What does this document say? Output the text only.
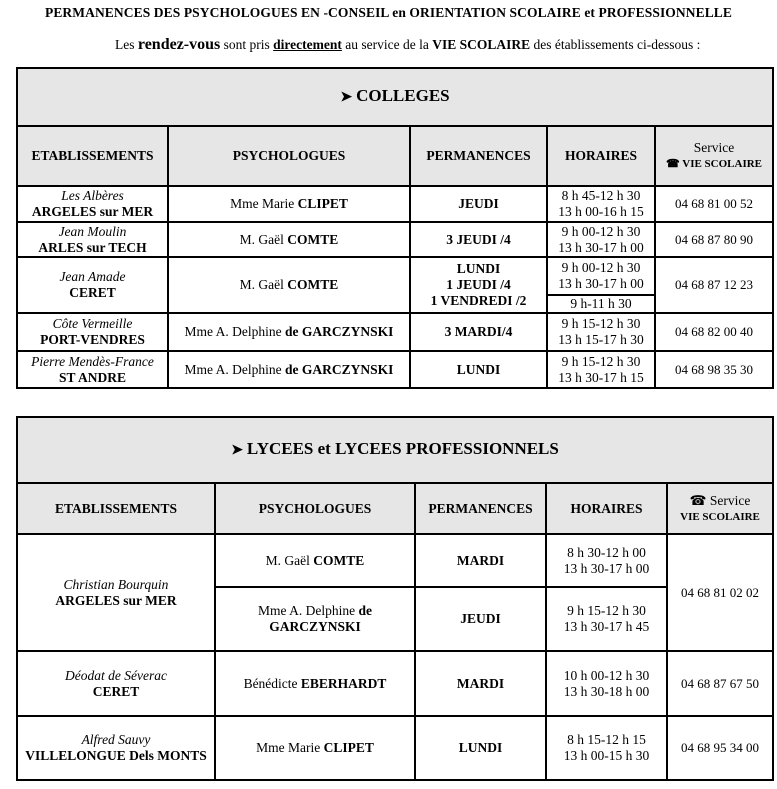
PERMANENCES DES PSYCHOLOGUES EN -CONSEIL en ORIENTATION SCOLAIRE et PROFESSIONNELLE
Les rendez-vous sont pris directement au service de la VIE SCOLAIRE des établissements ci-dessous :
➤ COLLEGES				
ETABLISSEMENTS	PSYCHOLOGUES	PERMANENCES	HORAIRES	Service
☎ VIE SCOLAIRE

Les Albères
ARGELES sur MER	Mme Marie CLIPET	JEUDI	8 h 45-12 h 30
13 h 00-16 h 15	04 68 81 00 52

Jean Moulin
ARLES sur TECH	M. Gaël COMTE	3 JEUDI /4	9 h 00-12 h 30
13 h 30-17 h 00	04 68 87 80 90

Jean Amade
CERET	M. Gaël COMTE	LUNDI
1 JEUDI /4
1 VENDREDI /2	9 h 00-12 h 30
13 h 30-17 h 00	04 68 87 12 23
			9 h-11 h 30	

Côte Vermeille
PORT-VENDRES	Mme A. Delphine de GARCZYNSKI	3 MARDI/4	9 h 15-12 h 30
13 h 15-17 h 30	04 68 82 00 40

Pierre Mendès-France
ST ANDRE	Mme A. Delphine de GARCZYNSKI	LUNDI	9 h 15-12 h 30
13 h 30-17 h 15	04 68 98 35 30
➤ LYCEES et LYCEES PROFESSIONNELS				
ETABLISSEMENTS	PSYCHOLOGUES	PERMANENCES	HORAIRES	☎ Service
VIE SCOLAIRE

Christian Bourquin
ARGELES sur MER	M. Gaël COMTE	MARDI	8 h 30-12 h 00
13 h 30-17 h 00	04 68 81 02 02

	Mme A. Delphine de
GARCZYNSKI	JEUDI	9 h 15-12 h 30
13 h 30-17 h 45	

Déodat de Séverac
CERET	Bénédicte EBERHARDT	MARDI	10 h 00-12 h 30
13 h 30-18 h 00	04 68 87 67 50

Alfred Sauvy
VILLELONGUE Dels MONTS	Mme Marie CLIPET	LUNDI	8 h 15-12 h 15
13 h 00-15 h 30	04 68 95 34 00
